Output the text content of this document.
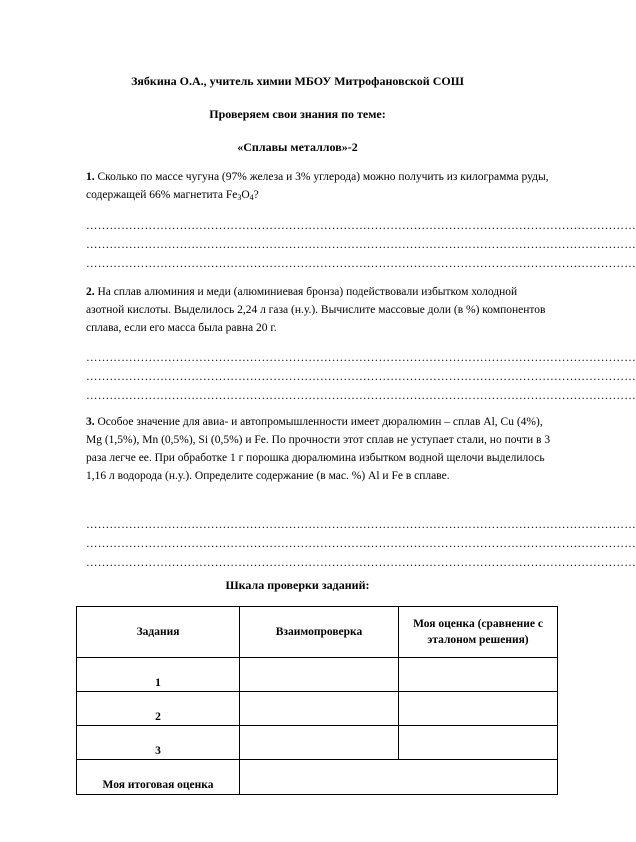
Зябкина О.А., учитель химии МБОУ Митрофановской СОШ
Проверяем свои знания по теме:
«Сплавы металлов»-2
1. Сколько по массе чугуна (97% железа и 3% углерода) можно получить из килограмма руды, содержащей 66% магнетита $Fe_3O_4$?
……………………………………………………………………………………………………………………………
……………………………………………………………………………………………………………………………
……………………………………………………………………………………………………………………………
2. На сплав алюминия и меди (алюминиевая бронза) подействовали избытком холодной азотной кислоты. Выделилось 2,24 л газа (н.у.). Вычислите массовые доли (в %) компонентов сплава, если его масса была равна 20 г.
……………………………………………………………………………………………………………………………
……………………………………………………………………………………………………………………………
……………………………………………………………………………………………………………………………
3. Особое значение для авиа- и автопромышленности имеет дюралюмин – сплав Al, Cu (4%), Mg (1,5%), Mn (0,5%), Si (0,5%) и Fe. По прочности этот сплав не уступает стали, но почти в 3 раза легче ее. При обработке 1 г порошка дюралюмина избытком водной щелочи выделилось 1,16 л водорода (н.у.). Определите содержание (в мас. %) Al и Fe в сплаве.
……………………………………………………………………………………………………………………………
……………………………………………………………………………………………………………………………
……………………………………………………………………………………………………………………………
Шкала проверки заданий:
Задания	Взаимопроверка	Моя оценка (сравнение с эталоном решения)
1		
2		
3		
Моя итоговая оценка		
